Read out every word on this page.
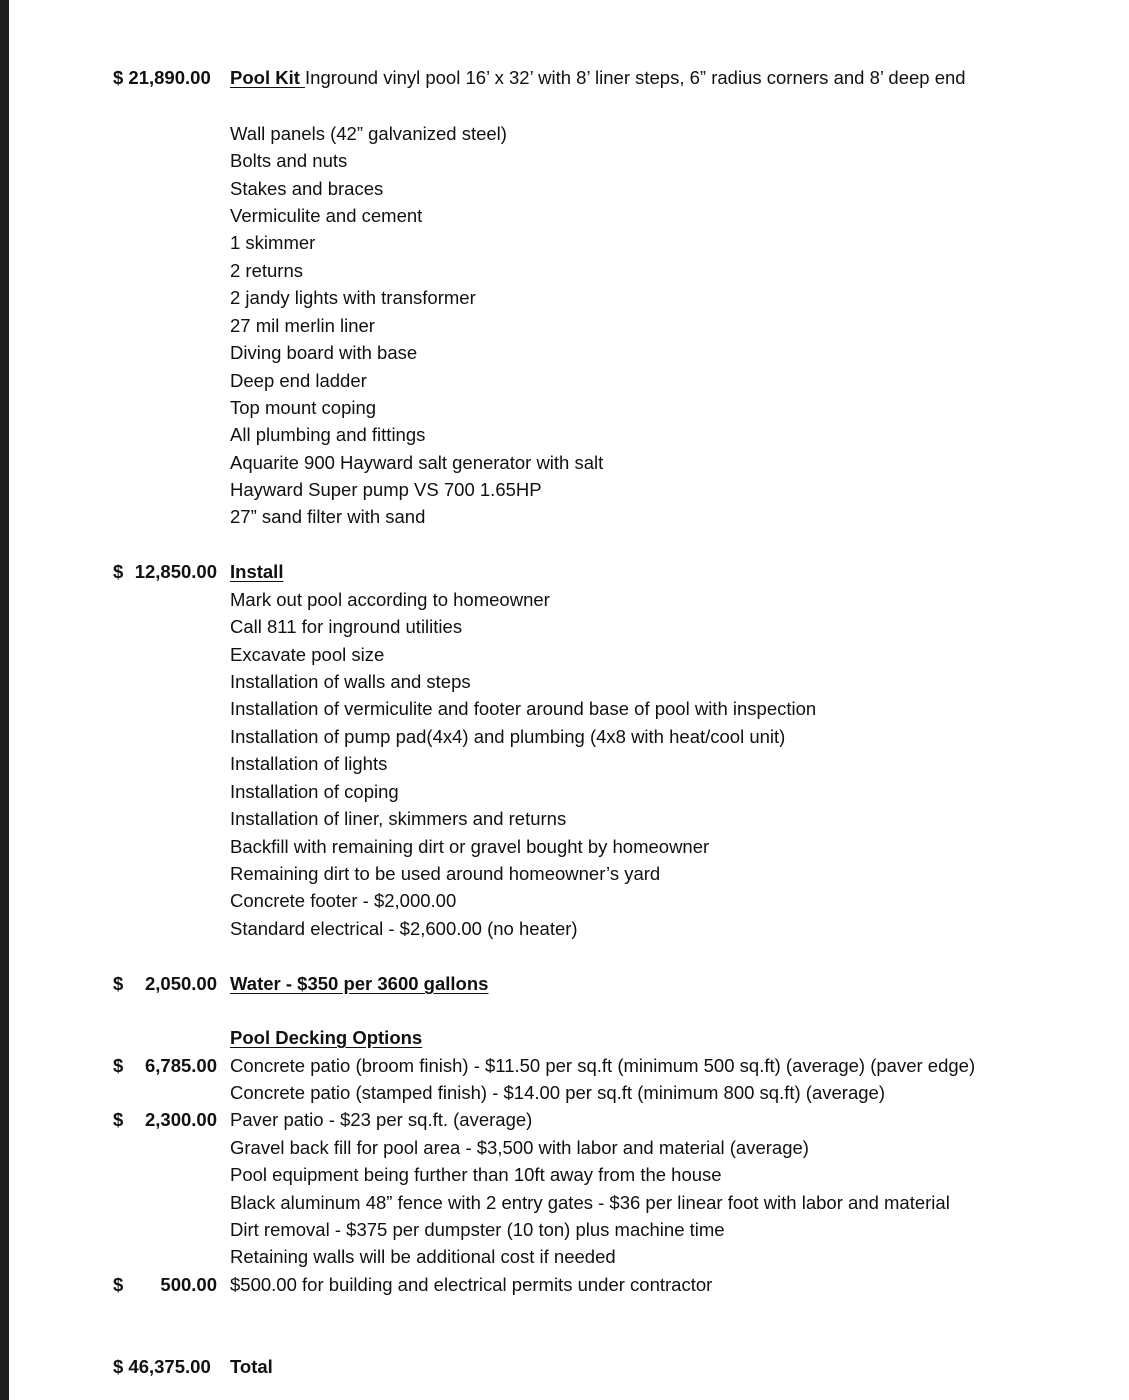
$ 21,890.00 Pool Kit Inground vinyl pool 16’ x 32’ with 8’ liner steps, 6” radius corners and 8’ deep end
Wall panels (42” galvanized steel)
Bolts and nuts
Stakes and braces
Vermiculite and cement
1 skimmer
2 returns
2 jandy lights with transformer
27 mil merlin liner
Diving board with base
Deep end ladder
Top mount coping
All plumbing and fittings
Aquarite 900 Hayward salt generator with salt
Hayward Super pump VS 700 1.65HP
27” sand filter with sand
$ 12,850.00 Install
Mark out pool according to homeowner
Call 811 for inground utilities
Excavate pool size
Installation of walls and steps
Installation of vermiculite and footer around base of pool with inspection
Installation of pump pad(4x4) and plumbing (4x8 with heat/cool unit)
Installation of lights
Installation of coping
Installation of liner, skimmers and returns
Backfill with remaining dirt or gravel bought by homeowner
Remaining dirt to be used around homeowner’s yard
Concrete footer - $2,000.00
Standard electrical - $2,600.00 (no heater)
$ 2,050.00 Water - $350 per 3600 gallons
Pool Decking Options
$ 6,785.00 Concrete patio (broom finish) - $11.50 per sq.ft (minimum 500 sq.ft) (average) (paver edge)
Concrete patio (stamped finish) - $14.00 per sq.ft (minimum 800 sq.ft) (average)
$ 2,300.00 Paver patio - $23 per sq.ft. (average)
Gravel back fill for pool area - $3,500 with labor and material (average)
Pool equipment being further than 10ft away from the house
Black aluminum 48” fence with 2 entry gates - $36 per linear foot with labor and material
Dirt removal - $375 per dumpster (10 ton) plus machine time
Retaining walls will be additional cost if needed
$ 500.00 $500.00 for building and electrical permits under contractor
$ 46,375.00 Total
